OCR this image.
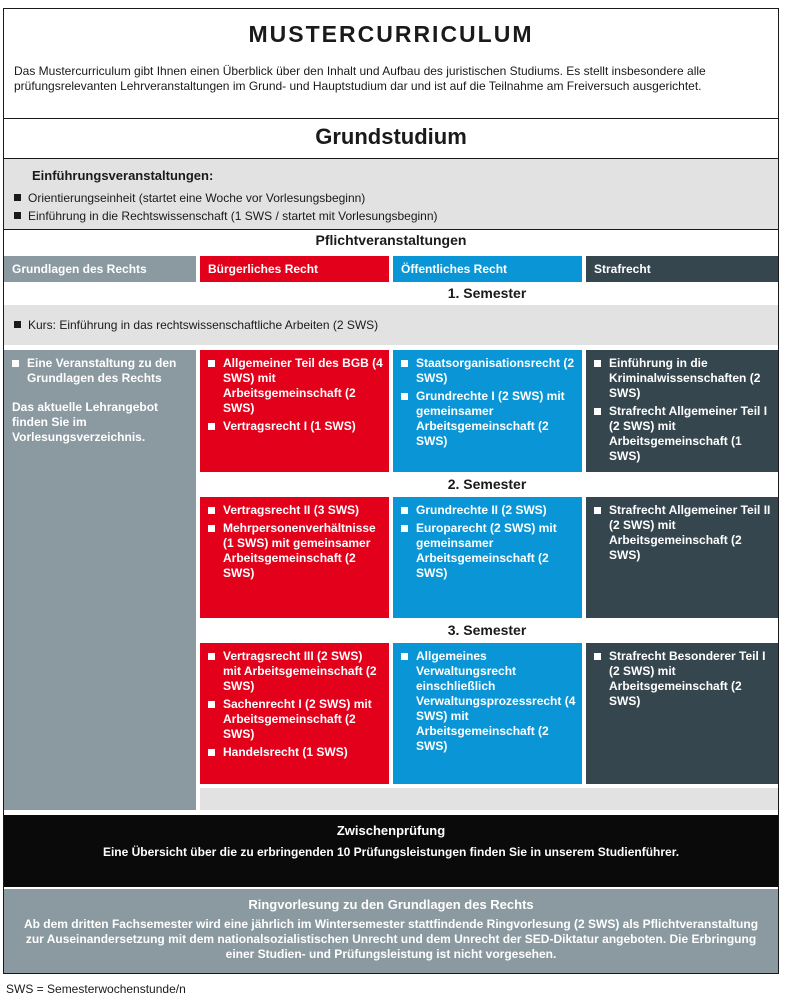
MUSTERCURRICULUM
Das Mustercurriculum gibt Ihnen einen Überblick über den Inhalt und Aufbau des juristischen Studiums. Es stellt insbesondere alle prüfungsrelevanten Lehrveranstaltungen im Grund- und Hauptstudium dar und ist auf die Teilnahme am Freiversuch ausgerichtet.
Grundstudium
Einführungsveranstaltungen:
Orientierungseinheit (startet eine Woche vor Vorlesungsbeginn)
Einführung in die Rechtswissenschaft (1 SWS / startet mit Vorlesungsbeginn)
Pflichtveranstaltungen
Grundlagen des Rechts	Bürgerliches Recht	Öffentliches Recht	Strafrecht
1. Semester
Kurs: Einführung in das rechtswissenschaftliche Arbeiten (2 SWS)
Eine Veranstaltung zu den Grundlagen des Rechts
Das aktuelle Lehrangebot finden Sie im Vorlesungsverzeichnis.
Allgemeiner Teil des BGB (4 SWS) mit Arbeitsgemeinschaft (2 SWS)
Vertragsrecht I (1 SWS)
Staatsorganisationsrecht (2 SWS)
Grundrechte I (2 SWS) mit gemeinsamer Arbeitsgemeinschaft (2 SWS)
Einführung in die Kriminalwissenschaften (2 SWS)
Strafrecht Allgemeiner Teil I (2 SWS) mit Arbeitsgemeinschaft (1 SWS)
2. Semester
Vertragsrecht II (3 SWS)
Mehrpersonenverhältnisse (1 SWS) mit gemeinsamer Arbeitsgemeinschaft (2 SWS)
Grundrechte II (2 SWS)
Europarecht (2 SWS) mit gemeinsamer Arbeitsgemeinschaft (2 SWS)
Strafrecht Allgemeiner Teil II (2 SWS) mit Arbeitsgemeinschaft (2 SWS)
3. Semester
Vertragsrecht III (2 SWS) mit Arbeitsgemeinschaft (2 SWS)
Sachenrecht I (2 SWS) mit Arbeitsgemeinschaft (2 SWS)
Handelsrecht (1 SWS)
Allgemeines Verwaltungsrecht einschließlich Verwaltungsprozessrecht (4 SWS) mit Arbeitsgemeinschaft (2 SWS)
Strafrecht Besonderer Teil I (2 SWS) mit Arbeitsgemeinschaft (2 SWS)
Zwischenprüfung
Eine Übersicht über die zu erbringenden 10 Prüfungsleistungen finden Sie in unserem Studienführer.
Ringvorlesung zu den Grundlagen des Rechts
Ab dem dritten Fachsemester wird eine jährlich im Wintersemester stattfindende Ringvorlesung (2 SWS) als Pflichtveranstaltung zur Auseinandersetzung mit dem nationalsozialistischen Unrecht und dem Unrecht der SED-Diktatur angeboten. Die Erbringung einer Studien- und Prüfungsleistung ist nicht vorgesehen.
SWS = Semesterwochenstunde/n
